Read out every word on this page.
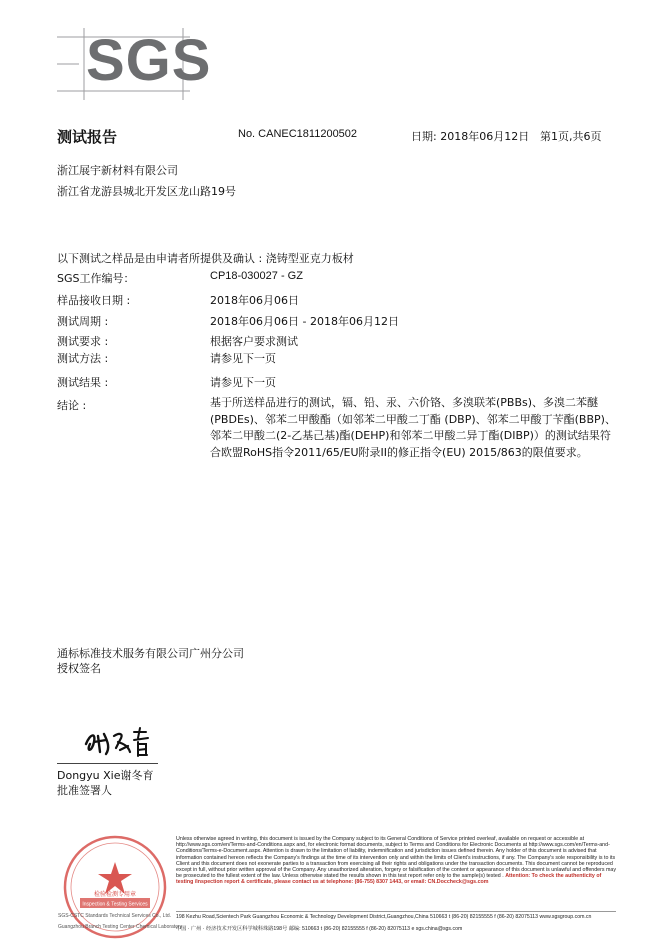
SGS
测试报告	No. CANEC1811200502	日期: 2018年06月12日 第1页,共6页
浙江展宇新材料有限公司
浙江省龙游县城北开发区龙山路19号
以下测试之样品是由申请者所提供及确认 : 浇铸型亚克力板材
SGS工作编号：	CP18-030027 - GZ
样品接收日期 :	2018年06月06日
测试周期 :	2018年06月06日 - 2018年06月12日
测试要求 :	根据客户要求测试
测试方法 :	请参见下一页
测试结果 :	请参见下一页
结论 :	基于所送样品进行的测试，镉、铅、汞、六价铬、多溴联苯(PBBs)、多溴二苯醚(PBDEs)、邻苯二甲酸酯（如邻苯二甲酸二丁酯 (DBP)、邻苯二甲酸丁苄酯(BBP)、邻苯二甲酸二(2-乙基己基)酯(DEHP)和邻苯二甲酸二异丁酯(DIBP)）的测试结果符合欧盟RoHS指令2011/65/EU附录II的修正指令(EU) 2015/863的限值要求。
通标标准技术服务有限公司广州分公司
授权签名
Dongyu Xie谢冬育
批准签署人
Inspection & Testing Services
检验检测专用章
SGS-CSTC Standards Technical Services Co., Ltd.
Guangzhou Branch Testing Center Chemical Laboratory
Unless otherwise agreed in writing, this document is issued by the Company subject to its General Conditions of Service printed overleaf, available on request or accessible at http://www.sgs.com/en/Terms-and-Conditions.aspx and, for electronic format documents, subject to Terms and Conditions for Electronic Documents at http://www.sgs.com/en/Terms-and-Conditions/Terms-e-Document.aspx. Attention is drawn to the limitation of liability, indemnification and jurisdiction issues defined therein. Any holder of this document is advised that information contained hereon reflects the Company's findings at the time of its intervention only and within the limits of Client's instructions, if any. The Company's sole responsibility is to its Client and this document does not exonerate parties to a transaction from exercising all their rights and obligations under the transaction documents. This document cannot be reproduced except in full, without prior written approval of the Company. Any unauthorized alteration, forgery or falsification of the content or appearance of this document is unlawful and offenders may be prosecuted to the fullest extent of the law. Unless otherwise stated the results shown in this test report refer only to the sample(s) tested . Attention: To check the authenticity of testing /inspection report & certificate, please contact us at telephone: (86-755) 8307 1443, or email: CN.Doccheck@sgs.com
198 Kezhu Road,Scientech Park Guangzhou Economic & Technology Development District,Guangzhou,China 510663 t (86-20) 82155555 f (86-20) 82075113 www.sgsgroup.com.cn
中国 · 广州 · 经济技术开发区科学城科珠路198号 邮编: 510663 t (86-20) 82155555 f (86-20) 82075113 e sgs.china@sgs.com
